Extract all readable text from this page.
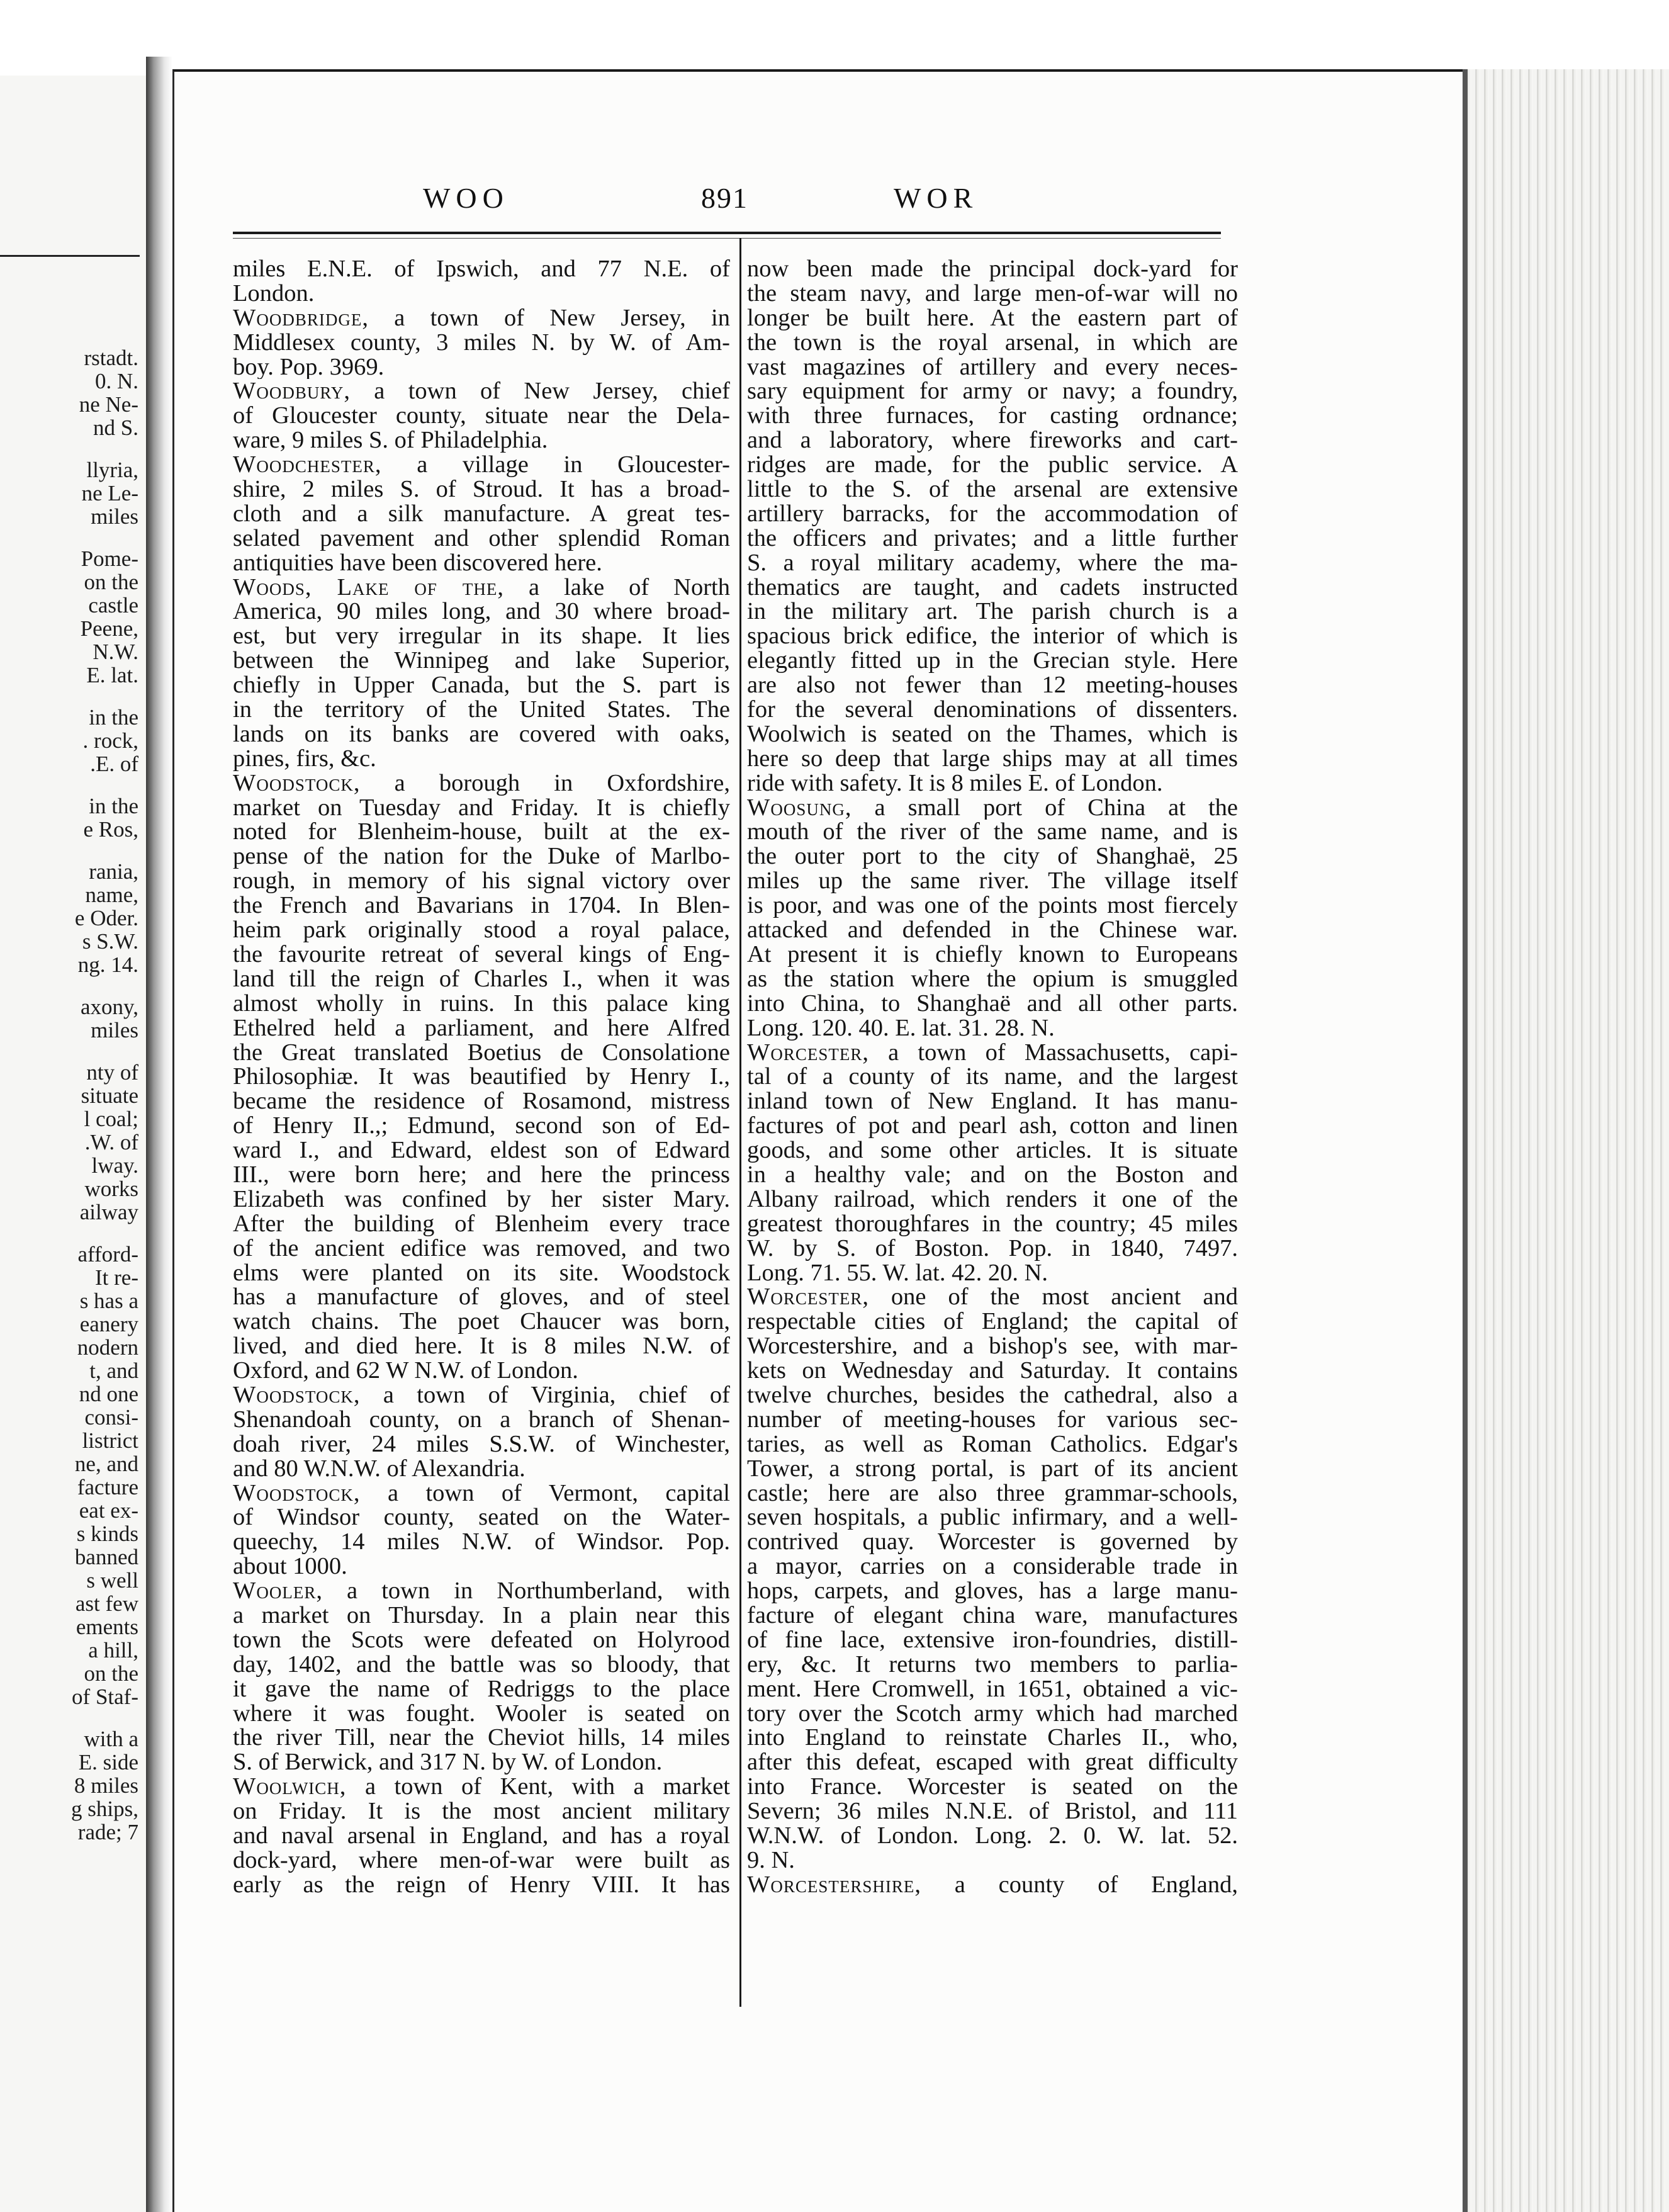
rstadt.
0. N.
ne Ne-
nd S.
llyria,
ne Le-
miles
Pome-
on the
castle
Peene,
N.W.
E. lat.
in the
. rock,
.E. of
in the
e Ros,
rania,
name,
e Oder.
s S.W.
ng. 14.
axony,
miles
nty of
situate
l coal;
.W. of
lway.
works
ailway
afford-
It re-
s has a
eanery
nodern
t, and
nd one
consi-
listrict
ne, and
facture
eat ex-
s kinds
banned
s well
ast few
ements
a hill,
on the
of Staf-
with a
E. side
8 miles
g ships,
rade; 7
WOO	891	WOR
miles E.N.E. of Ipswich, and 77 N.E. of
London.
Woodbridge, a town of New Jersey, in
Middlesex county, 3 miles N. by W. of Am-
boy. Pop. 3969.
Woodbury, a town of New Jersey, chief
of Gloucester county, situate near the Dela-
ware, 9 miles S. of Philadelphia.
Woodchester, a village in Gloucester-
shire, 2 miles S. of Stroud. It has a broad-
cloth and a silk manufacture. A great tes-
selated pavement and other splendid Roman
antiquities have been discovered here.
Woods, Lake of the, a lake of North
America, 90 miles long, and 30 where broad-
est, but very irregular in its shape. It lies
between the Winnipeg and lake Superior,
chiefly in Upper Canada, but the S. part is
in the territory of the United States. The
lands on its banks are covered with oaks,
pines, firs, &c.
Woodstock, a borough in Oxfordshire,
market on Tuesday and Friday. It is chiefly
noted for Blenheim-house, built at the ex-
pense of the nation for the Duke of Marlbo-
rough, in memory of his signal victory over
the French and Bavarians in 1704. In Blen-
heim park originally stood a royal palace,
the favourite retreat of several kings of Eng-
land till the reign of Charles I., when it was
almost wholly in ruins. In this palace king
Ethelred held a parliament, and here Alfred
the Great translated Boetius de Consolatione
Philosophiæ. It was beautified by Henry I.,
became the residence of Rosamond, mistress
of Henry II.,; Edmund, second son of Ed-
ward I., and Edward, eldest son of Edward
III., were born here; and here the princess
Elizabeth was confined by her sister Mary.
After the building of Blenheim every trace
of the ancient edifice was removed, and two
elms were planted on its site. Woodstock
has a manufacture of gloves, and of steel
watch chains. The poet Chaucer was born,
lived, and died here. It is 8 miles N.W. of
Oxford, and 62 W N.W. of London.
Woodstock, a town of Virginia, chief of
Shenandoah county, on a branch of Shenan-
doah river, 24 miles S.S.W. of Winchester,
and 80 W.N.W. of Alexandria.
Woodstock, a town of Vermont, capital
of Windsor county, seated on the Water-
queechy, 14 miles N.W. of Windsor. Pop.
about 1000.
Wooler, a town in Northumberland, with
a market on Thursday. In a plain near this
town the Scots were defeated on Holyrood
day, 1402, and the battle was so bloody, that
it gave the name of Redriggs to the place
where it was fought. Wooler is seated on
the river Till, near the Cheviot hills, 14 miles
S. of Berwick, and 317 N. by W. of London.
Woolwich, a town of Kent, with a market
on Friday. It is the most ancient military
and naval arsenal in England, and has a royal
dock-yard, where men-of-war were built as
early as the reign of Henry VIII. It has
now been made the principal dock-yard for
the steam navy, and large men-of-war will no
longer be built here. At the eastern part of
the town is the royal arsenal, in which are
vast magazines of artillery and every neces-
sary equipment for army or navy; a foundry,
with three furnaces, for casting ordnance;
and a laboratory, where fireworks and cart-
ridges are made, for the public service. A
little to the S. of the arsenal are extensive
artillery barracks, for the accommodation of
the officers and privates; and a little further
S. a royal military academy, where the ma-
thematics are taught, and cadets instructed
in the military art. The parish church is a
spacious brick edifice, the interior of which is
elegantly fitted up in the Grecian style. Here
are also not fewer than 12 meeting-houses
for the several denominations of dissenters.
Woolwich is seated on the Thames, which is
here so deep that large ships may at all times
ride with safety. It is 8 miles E. of London.
Woosung, a small port of China at the
mouth of the river of the same name, and is
the outer port to the city of Shanghaë, 25
miles up the same river. The village itself
is poor, and was one of the points most fiercely
attacked and defended in the Chinese war.
At present it is chiefly known to Europeans
as the station where the opium is smuggled
into China, to Shanghaë and all other parts.
Long. 120. 40. E. lat. 31. 28. N.
Worcester, a town of Massachusetts, capi-
tal of a county of its name, and the largest
inland town of New England. It has manu-
factures of pot and pearl ash, cotton and linen
goods, and some other articles. It is situate
in a healthy vale; and on the Boston and
Albany railroad, which renders it one of the
greatest thoroughfares in the country; 45 miles
W. by S. of Boston. Pop. in 1840, 7497.
Long. 71. 55. W. lat. 42. 20. N.
Worcester, one of the most ancient and
respectable cities of England; the capital of
Worcestershire, and a bishop's see, with mar-
kets on Wednesday and Saturday. It contains
twelve churches, besides the cathedral, also a
number of meeting-houses for various sec-
taries, as well as Roman Catholics. Edgar's
Tower, a strong portal, is part of its ancient
castle; here are also three grammar-schools,
seven hospitals, a public infirmary, and a well-
contrived quay. Worcester is governed by
a mayor, carries on a considerable trade in
hops, carpets, and gloves, has a large manu-
facture of elegant china ware, manufactures
of fine lace, extensive iron-foundries, distill-
ery, &c. It returns two members to parlia-
ment. Here Cromwell, in 1651, obtained a vic-
tory over the Scotch army which had marched
into England to reinstate Charles II., who,
after this defeat, escaped with great difficulty
into France. Worcester is seated on the
Severn; 36 miles N.N.E. of Bristol, and 111
W.N.W. of London. Long. 2. 0. W. lat. 52.
9. N.
Worcestershire, a county of England,
